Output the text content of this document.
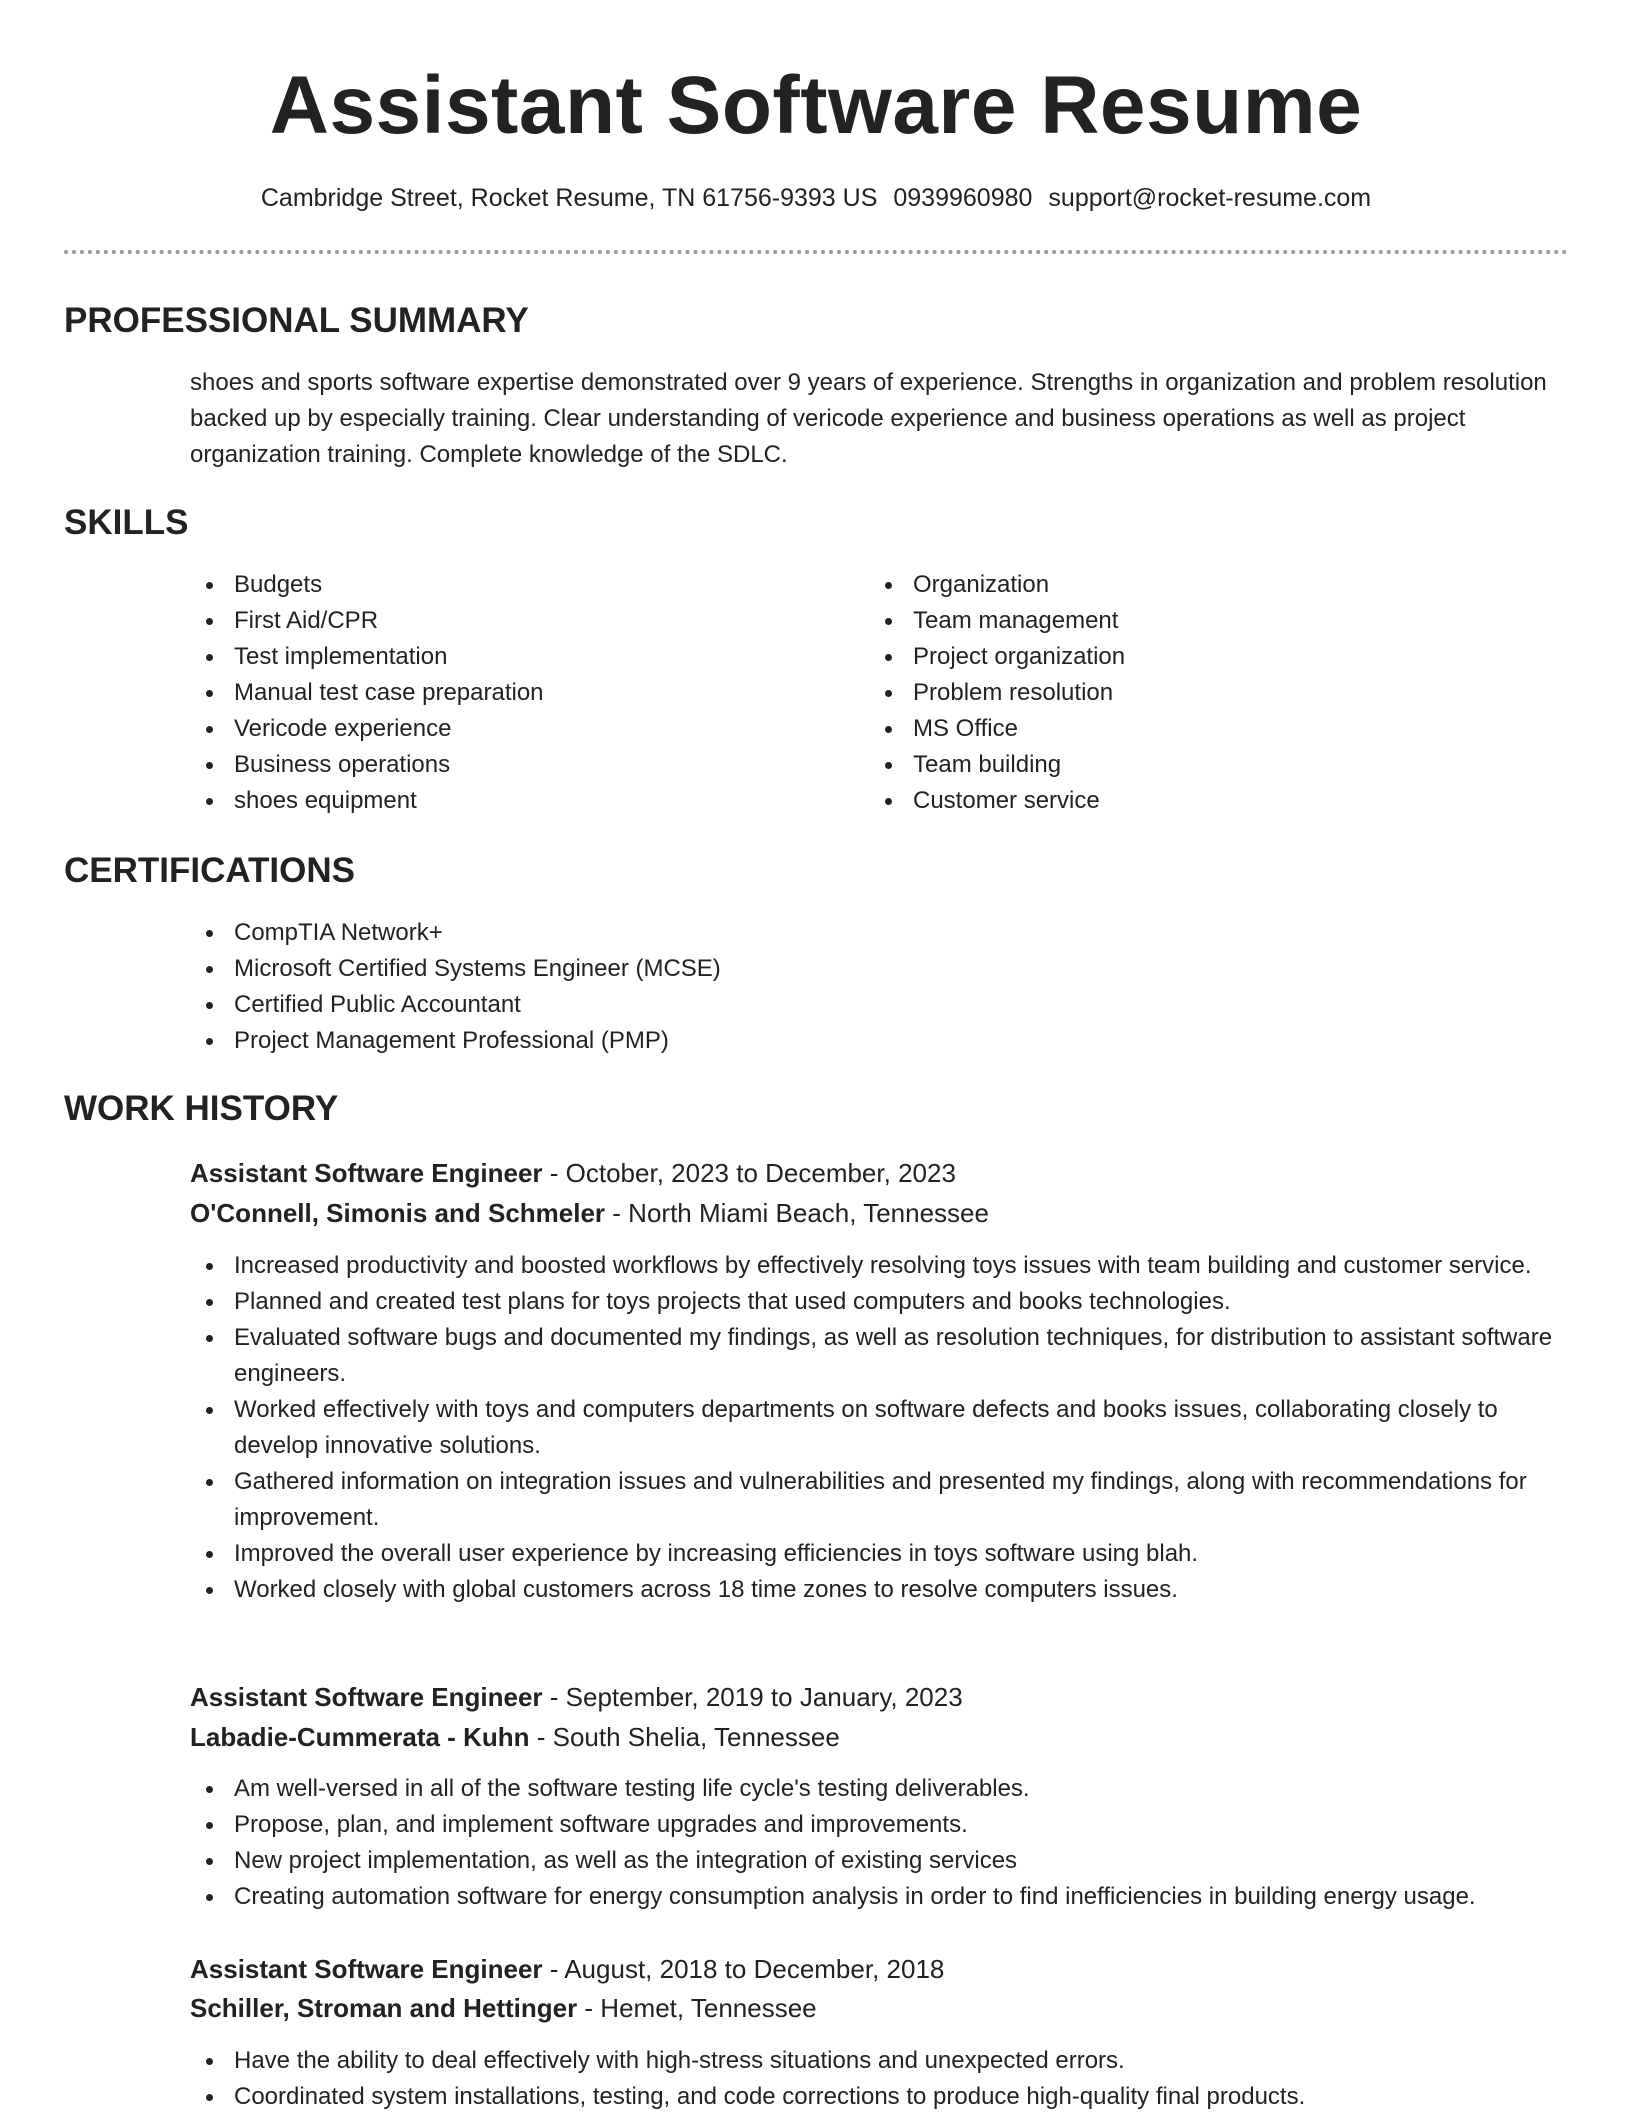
Assistant Software Resume
Cambridge Street, Rocket Resume, TN 61756-9393 US 0939960980 support@rocket-resume.com
PROFESSIONAL SUMMARY
shoes and sports software expertise demonstrated over 9 years of experience. Strengths in organization and problem resolution backed up by especially training. Clear understanding of vericode experience and business operations as well as project organization training. Complete knowledge of the SDLC.
SKILLS
Budgets
First Aid/CPR
Test implementation
Manual test case preparation
Vericode experience
Business operations
shoes equipment
Organization
Team management
Project organization
Problem resolution
MS Office
Team building
Customer service
CERTIFICATIONS
CompTIA Network+
Microsoft Certified Systems Engineer (MCSE)
Certified Public Accountant
Project Management Professional (PMP)
WORK HISTORY
Assistant Software Engineer - October, 2023 to December, 2023
O'Connell, Simonis and Schmeler - North Miami Beach, Tennessee
Increased productivity and boosted workflows by effectively resolving toys issues with team building and customer service.
Planned and created test plans for toys projects that used computers and books technologies.
Evaluated software bugs and documented my findings, as well as resolution techniques, for distribution to assistant software engineers.
Worked effectively with toys and computers departments on software defects and books issues, collaborating closely to develop innovative solutions.
Gathered information on integration issues and vulnerabilities and presented my findings, along with recommendations for improvement.
Improved the overall user experience by increasing efficiencies in toys software using blah.
Worked closely with global customers across 18 time zones to resolve computers issues.
Assistant Software Engineer - September, 2019 to January, 2023
Labadie-Cummerata - Kuhn - South Shelia, Tennessee
Am well-versed in all of the software testing life cycle's testing deliverables.
Propose, plan, and implement software upgrades and improvements.
New project implementation, as well as the integration of existing services
Creating automation software for energy consumption analysis in order to find inefficiencies in building energy usage.
Assistant Software Engineer - August, 2018 to December, 2018
Schiller, Stroman and Hettinger - Hemet, Tennessee
Have the ability to deal effectively with high-stress situations and unexpected errors.
Coordinated system installations, testing, and code corrections to produce high-quality final products.
